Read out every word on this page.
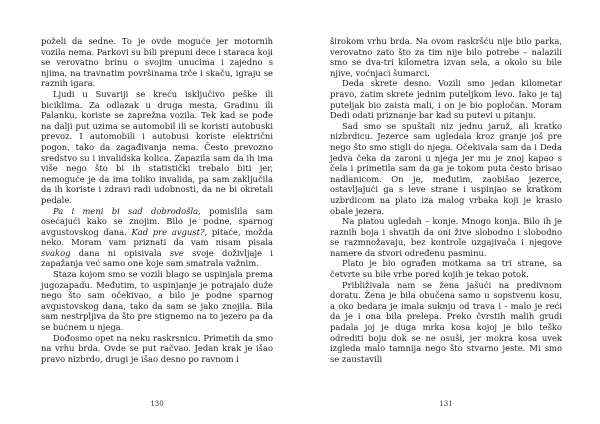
poželi da sedne. To je ovde moguće jer motornih vozila nema. Parkovi su bili prepuni dece i staraca koji se verovatno brinu o svojim unucima i zajedno s njima, na travnatim površinama trče i skaču, igraju se raznih igara.

Ljudi u Suvariji se kreću isključivo peške ili biciklima. Za odlazak u druga mesta, Gradinu ili Palanku, koriste se zaprežna vozila. Tek kad se pođe na dalji put uzima se automobil ili se koristi autobuski prevoz. I automobili i autobusi koriste električni pogon, tako da zagađivanja nema. Često prevozno sredstvo su i invalidska kolica. Zapazila sam da ih ima više nego što bi ih statistički trebalo biti jer, nemoguće je da ima toliko invalida, pa sam zaključila da ih koriste i zdravi radi udobnosti, da ne bi okretali pedale.

Pa i meni bi sad dobrodošla, pomislila sam osećajući kako se znojim. Bilo je podne, sparnog avgustovskog dana. Kad pre avgust?, pitaće, možda neko. Moram vam priznati da vam nisam pisala svakog dana ni opisivala sve svoje doživljaje i zapažanja već samo one koje sam smatrala važnim.

Staza kojom smo se vozili blago se uspinjala prema jugozapadu. Međutim, to uspinjanje je potrajalo duže nego što sam očekivao, a bilo je podne sparnog avgustovskog dana, tako da sam se jako znojila. Bila sam nestrpljiva da što pre stignemo na to jezero pa da se bućnem u njega.

Dođosmo opet na neku raskrsnicu. Primetih da smo na vrhu brda. Ovde se put račvao. Jedan krak je išao pravo nizbrdo, drugi je išao desno po ravnom i

130

širokom vrhu brda. Na ovom raskršću nije bilo parka, verovatno zato što za tim nije bilo potrebe – nalazili smo se dva-tri kilometra izvan sela, a okolo su bile njive, voćnjaci šumarci.

Deda skrete desno. Vozili smo jedan kilometar pravo, zatim skrete jednim puteljkom levo. Iako je taj puteljak bio zaista mali, i on je bio popločan. Moram Dedi odati priznanje bar kad su putevi u pitanju.

Sad smo se spuštali niz jednu jaruž, ali kratko nizbrdicu. Jezerce sam ugledala kroz granje još pre nego što smo stigli do njega. Očekivala sam da i Deda jedva čeka da zaroni u njega jer mu je znoj kapao s čela i primetila sam da ga je tokom puta često brisao nadlanicom. On je, međutim, zaobišao jezerce, ostavljajući ga s leve strane i uspinjao se kratkom uzbrdicom na plato iza malog vrbaka koji je krasio obale jezera.

Na platou ugledah – konje. Mnogo konja. Bilo ih je raznih boja i shvatih da oni žive slobodno i slobodno se razmnožavaju, bez kontrole uzgajivača i njegove namere da stvori određenu pasminu.

Plato je bio ograđen motkama sa tri strane, sa četvrte su bile vrbe pored kojih je tekao potok.

Približivala nam se žena jašući na predivnom doratu. Žena je bila obučena samo u sopstvenu kosu, a oko bedara je imala suknju od trava i - malo je reći da je i ona bila prelepa. Preko čvrstih malih grudi padala joj je duga mrka kosa kojoj je bilo teško odrediti boju dok se ne osuši, jer mokra kosa uvek izgleda malo tamnija nego što stvarno jeste. Mi smo se zaustavili

131
